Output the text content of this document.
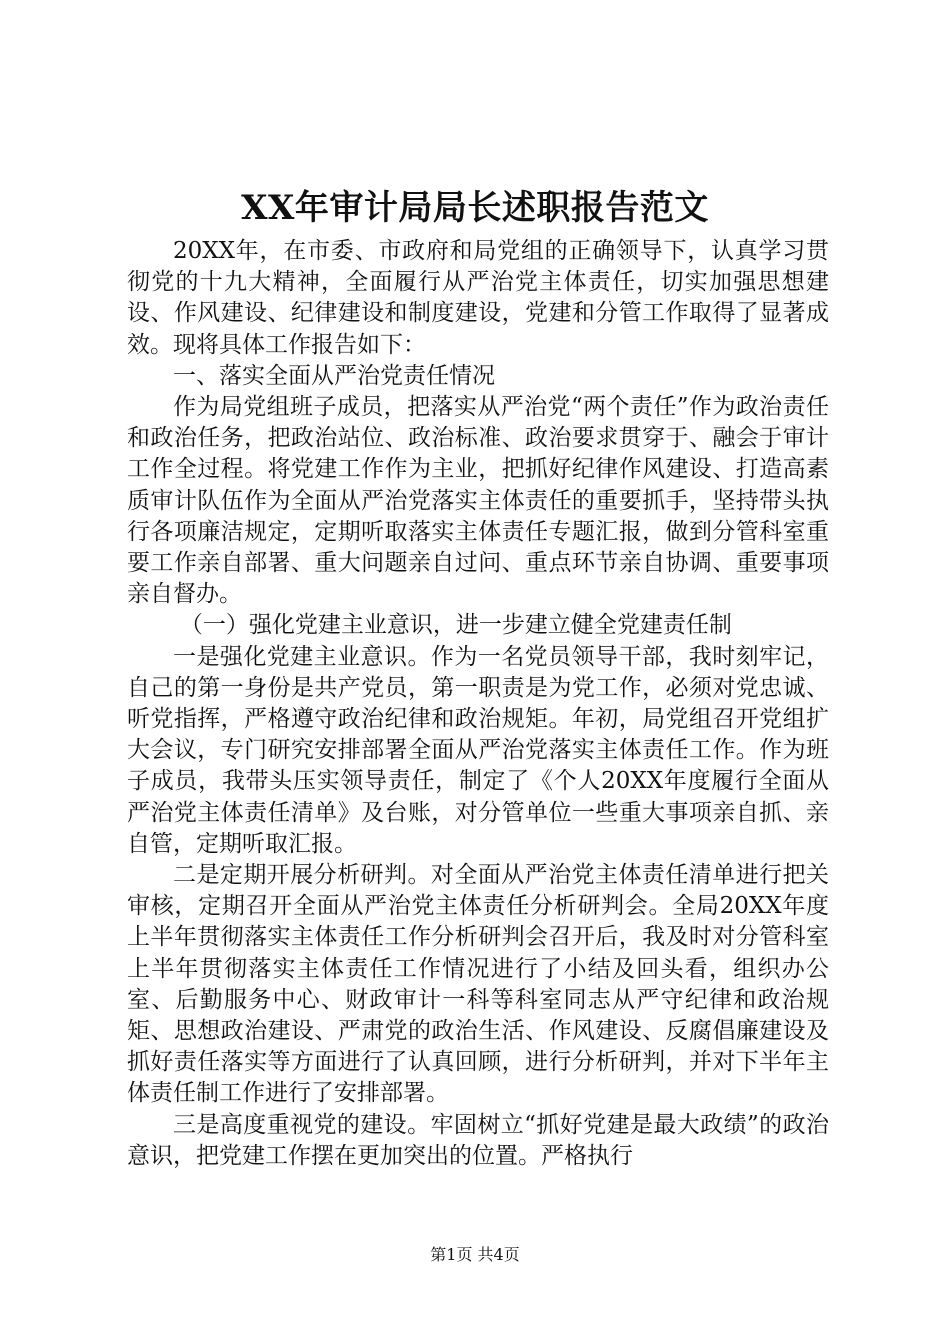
XX年审计局局长述职报告范文

20XX年，在市委、市政府和局党组的正确领导下，认真学习贯彻党的十九大精神，全面履行从严治党主体责任，切实加强思想建设、作风建设、纪律建设和制度建设，党建和分管工作取得了显著成效。现将具体工作报告如下：

一、落实全面从严治党责任情况

作为局党组班子成员，把落实从严治党“两个责任”作为政治责任和政治任务，把政治站位、政治标准、政治要求贯穿于、融会于审计工作全过程。将党建工作作为主业，把抓好纪律作风建设、打造高素质审计队伍作为全面从严治党落实主体责任的重要抓手，坚持带头执行各项廉洁规定，定期听取落实主体责任专题汇报，做到分管科室重要工作亲自部署、重大问题亲自过问、重点环节亲自协调、重要事项亲自督办。

（一）强化党建主业意识，进一步建立健全党建责任制

一是强化党建主业意识。作为一名党员领导干部，我时刻牢记，自己的第一身份是共产党员，第一职责是为党工作，必须对党忠诚、听党指挥，严格遵守政治纪律和政治规矩。年初，局党组召开党组扩大会议，专门研究安排部署全面从严治党落实主体责任工作。作为班子成员，我带头压实领导责任，制定了《个人20XX年度履行全面从严治党主体责任清单》及台账，对分管单位一些重大事项亲自抓、亲自管，定期听取汇报。

二是定期开展分析研判。对全面从严治党主体责任清单进行把关审核，定期召开全面从严治党主体责任分析研判会。全局20XX年度上半年贯彻落实主体责任工作分析研判会召开后，我及时对分管科室上半年贯彻落实主体责任工作情况进行了小结及回头看，组织办公室、后勤服务中心、财政审计一科等科室同志从严守纪律和政治规矩、思想政治建设、严肃党的政治生活、作风建设、反腐倡廉建设及抓好责任落实等方面进行了认真回顾，进行分析研判，并对下半年主体责任制工作进行了安排部署。

三是高度重视党的建设。牢固树立“抓好党建是最大政绩”的政治意识，把党建工作摆在更加突出的位置。严格执行

第1页 共4页
